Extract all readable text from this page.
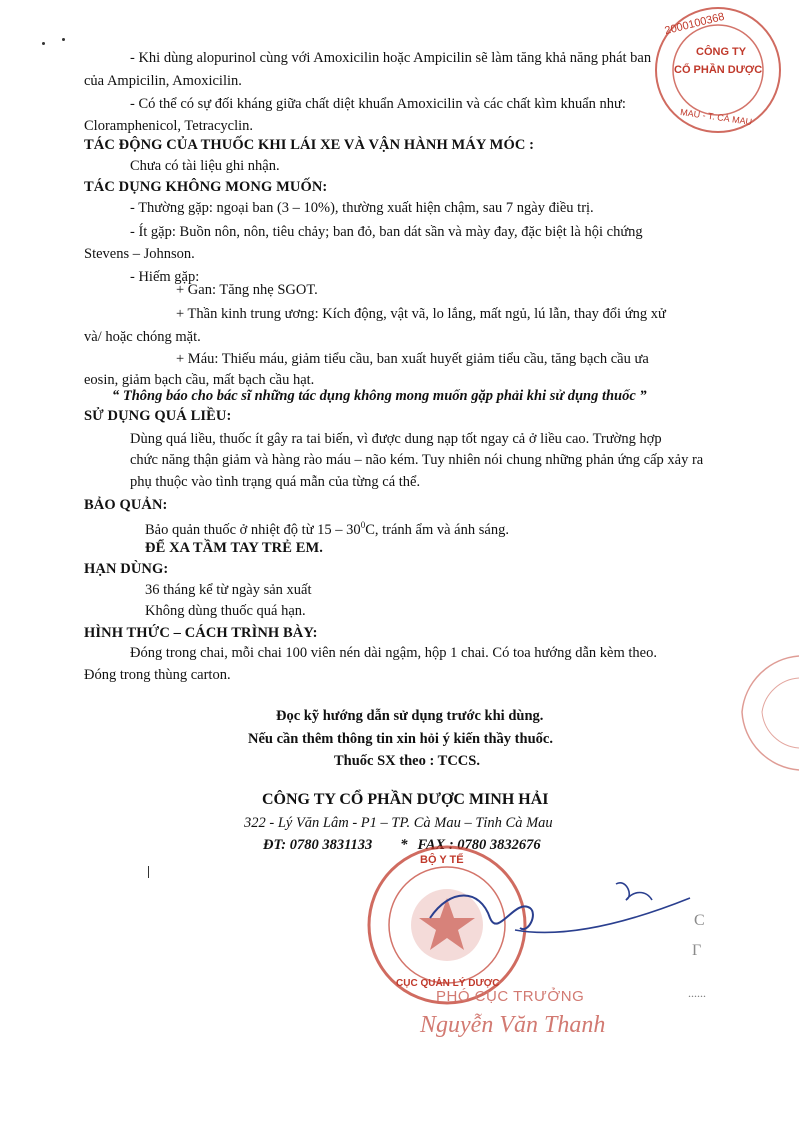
- Khi dùng alopurinol cùng với Amoxicilin hoặc Ampicilin sẽ làm tăng khả năng phát ban
của Ampicilin, Amoxicilin.
- Có thể có sự đối kháng giữa chất diệt khuẩn Amoxicilin và các chất kìm khuẩn như:
Cloramphenicol, Tetracyclin.
TÁC ĐỘNG CỦA THUỐC KHI LÁI XE VÀ VẬN HÀNH MÁY MÓC :
Chưa có tài liệu ghi nhận.
TÁC DỤNG KHÔNG MONG MUỐN:
- Thường gặp: ngoại ban (3 – 10%), thường xuất hiện chậm, sau 7 ngày điều trị.
- Ít gặp: Buồn nôn, nôn, tiêu chảy; ban đỏ, ban dát sần và mày đay, đặc biệt là hội chứng
Stevens – Johnson.
- Hiếm gặp:
+ Gan: Tăng nhẹ SGOT.
+ Thần kinh trung ương: Kích động, vật vã, lo lắng, mất ngủ, lú lẫn, thay đổi ứng xử
và/ hoặc chóng mặt.
+ Máu: Thiếu máu, giảm tiểu cầu, ban xuất huyết giảm tiểu cầu, tăng bạch cầu ưa
eosin, giảm bạch cầu, mất bạch cầu hạt.
“ Thông báo cho bác sĩ những tác dụng không mong muốn gặp phải khi sử dụng thuốc ”
SỬ DỤNG QUÁ LIỀU:
Dùng quá liều, thuốc ít gây ra tai biến, vì được dung nạp tốt ngay cả ở liều cao. Trường hợp
chức năng thận giảm và hàng rào máu – não kém. Tuy nhiên nói chung những phản ứng cấp xảy ra
phụ thuộc vào tình trạng quá mẫn của từng cá thể.
BẢO QUẢN:
Bảo quản thuốc ở nhiệt độ từ $15 - 30^0C$, tránh ẩm và ánh sáng.
ĐỂ XA TẦM TAY TRẺ EM.
HẠN DÙNG:
36 tháng kể từ ngày sản xuất
Không dùng thuốc quá hạn.
HÌNH THỨC – CÁCH TRÌNH BÀY:
Đóng trong chai, mỗi chai 100 viên nén dài ngậm, hộp 1 chai. Có toa hướng dẫn kèm theo.
Đóng trong thùng carton.
Đọc kỹ hướng dẫn sử dụng trước khi dùng.
Nếu cần thêm thông tin xin hỏi ý kiến thầy thuốc.
Thuốc SX theo : TCCS.
CÔNG TY CỔ PHẦN DƯỢC MINH HẢI
322 - Lý Văn Lâm - P1 – TP. Cà Mau – Tỉnh Cà Mau
ĐT: 0780 3831133 * FAX : 0780 3832676
2000100368
CÔNG TY
CỔ PHẦN DƯỢC
MAU - T. CÀ MAU
BỘ Y TẾ
CỤC QUẢN LÝ DƯỢC
C
Γ
......
PHÓ CỤC TRƯỞNG
Nguyễn Văn Thanh
